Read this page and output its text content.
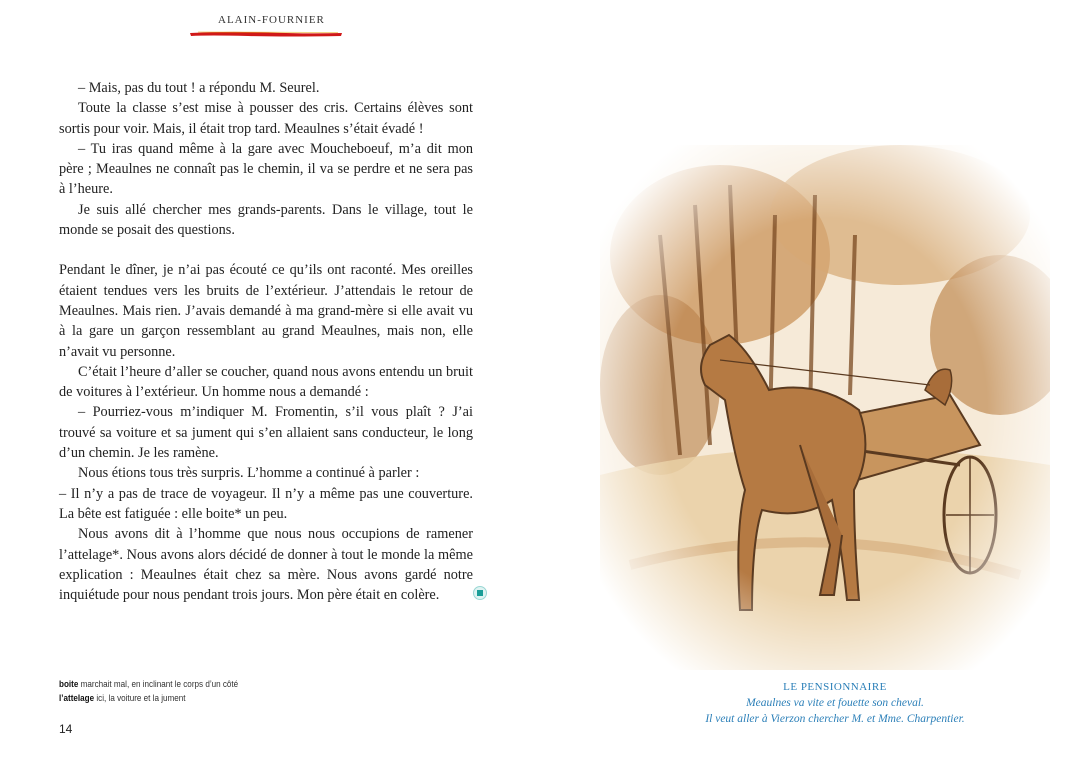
ALAIN-FOURNIER

– Mais, pas du tout ! a répondu M. Seurel.

Toute la classe s’est mise à pousser des cris. Certains élèves sont sortis pour voir. Mais, il était trop tard. Meaulnes s’était évadé !

– Tu iras quand même à la gare avec Moucheboeuf, m’a dit mon père ; Meaulnes ne connaît pas le chemin, il va se perdre et ne sera pas à l’heure.

Je suis allé chercher mes grands-parents. Dans le village, tout le monde se posait des questions.

Pendant le dîner, je n’ai pas écouté ce qu’ils ont raconté. Mes oreilles étaient tendues vers les bruits de l’extérieur. J’attendais le retour de Meaulnes. Mais rien. J’avais demandé à ma grand-mère si elle avait vu à la gare un garçon ressemblant au grand Meaulnes, mais non, elle n’avait vu personne.

C’était l’heure d’aller se coucher, quand nous avons entendu un bruit de voitures à l’extérieur. Un homme nous a demandé :

– Pourriez-vous m’indiquer M. Fromentin, s’il vous plaît ? J’ai trouvé sa voiture et sa jument qui s’en allaient sans conducteur, le long d’un chemin. Je les ramène.

Nous étions tous très surpris. L’homme a continué à parler :

– Il n’y a pas de trace de voyageur. Il n’y a même pas une couverture. La bête est fatiguée : elle boite* un peu.

Nous avons dit à l’homme que nous nous occupions de ramener l’attelage*. Nous avons alors décidé de donner à tout le monde la même explication : Meaulnes était chez sa mère. Nous avons gardé notre inquiétude pour nous pendant trois jours. Mon père était en colère.

boite marchait mal, en inclinant le corps d’un côté
l’attelage ici, la voiture et la jument
14
LE PENSIONNAIRE
Meaulnes va vite et fouette son cheval.
Il veut aller à Vierzon chercher M. et Mme. Charpentier.
